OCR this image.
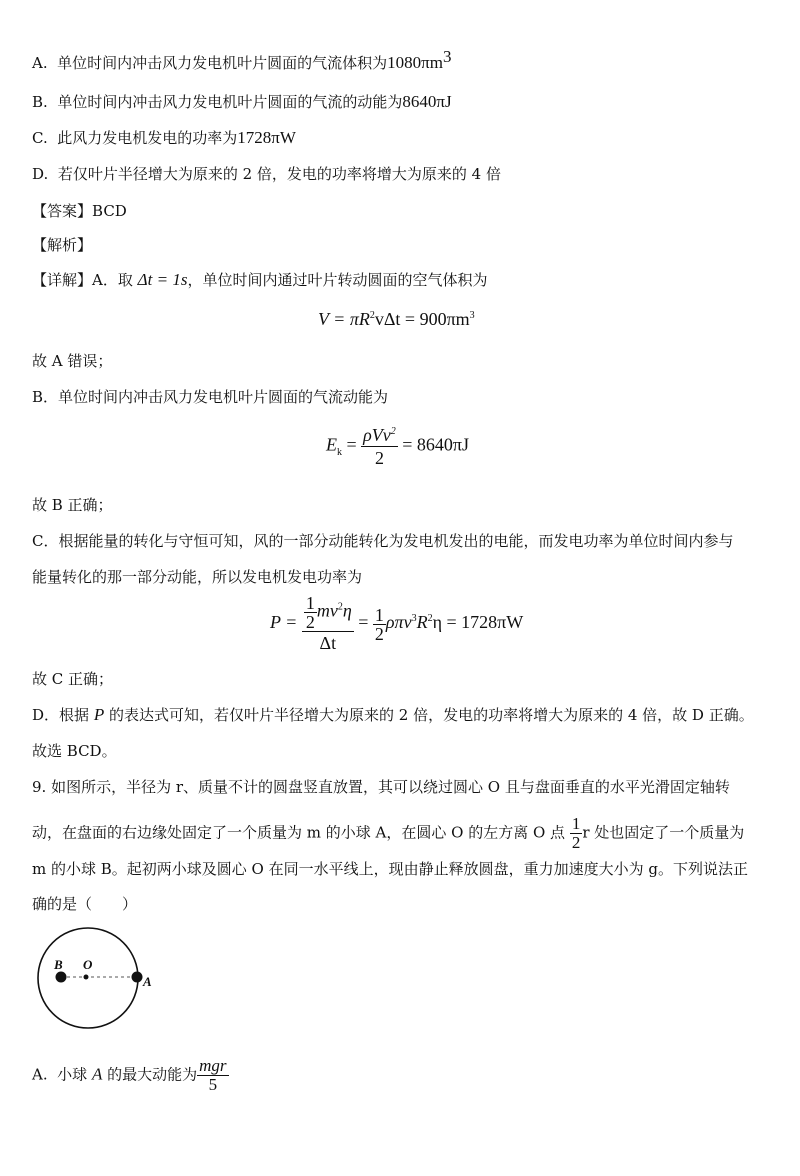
A. 单位时间内冲击风力发电机叶片圆面的气流体积为$1080\pi m^3$
B. 单位时间内冲击风力发电机叶片圆面的气流的动能为8640πJ
C. 此风力发电机发电的功率为1728πW
D. 若仅叶片半径增大为原来的 2 倍，发电的功率将增大为原来的 4 倍
【答案】BCD
【解析】
【详解】A．取 Δt = 1s，单位时间内通过叶片转动圆面的空气体积为
$V = \pi R^2v\Delta t = 900\pi m^3$
故 A 错误；
B．单位时间内冲击风力发电机叶片圆面的气流动能为
$E_k = \frac{\rho Vv^2}{2} = 8640\pi J$
故 B 正确；
C．根据能量的转化与守恒可知，风的一部分动能转化为发电机发出的电能，而发电功率为单位时间内参与
能量转化的那一部分动能，所以发电机发电功率为
$P = \frac{\frac{1}{2} mv^2\eta}{\Delta t} = \frac{1}{2} \rho\pi v^3R^2\eta = 1728\pi W$
故 C 正确；
D．根据 P 的表达式可知，若仅叶片半径增大为原来的 2 倍，发电的功率将增大为原来的 4 倍，故 D 正确。
故选 BCD。
9. 如图所示，半径为 r、质量不计的圆盘竖直放置，其可以绕过圆心 O 且与盘面垂直的水平光滑固定轴转
动，在盘面的右边缘处固定了一个质量为 m 的小球 A，在圆心 O 的左方离 O 点 $\frac{1}{2}$ r 处也固定了一个质量为
m 的小球 B。起初两小球及圆心 O 在同一水平线上，现由静止释放圆盘，重力加速度大小为 g。下列说法正
确的是（　　）
B O
A
A. 小球 A 的最大动能为 $\frac{\text{mgr}}{5}$
